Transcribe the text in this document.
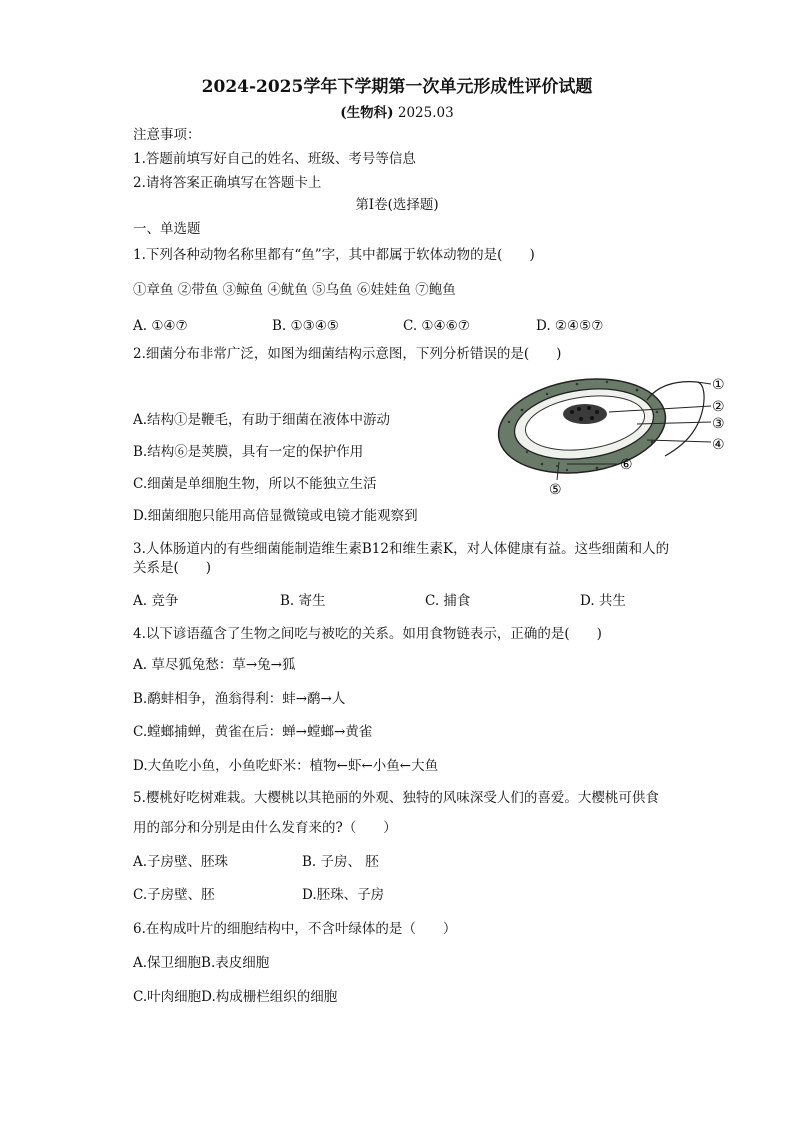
2024-2025学年下学期第一次单元形成性评价试题
(生物科) 2025.03
注意事项：
1.答题前填写好自己的姓名、班级、考号等信息
2.请将答案正确填写在答题卡上
第Ⅰ卷(选择题)
一、单选题
1.下列各种动物名称里都有“鱼”字，其中都属于软体动物的是(　　)
①章鱼 ②带鱼 ③鲸鱼 ④鱿鱼 ⑤乌鱼 ⑥娃娃鱼 ⑦鲍鱼
A. ①④⑦	B. ①③④⑤	C. ①④⑥⑦	D. ②④⑤⑦
2.细菌分布非常广泛，如图为细菌结构示意图，下列分析错误的是(　　)
A.结构①是鞭毛，有助于细菌在液体中游动
B.结构⑥是荚膜，具有一定的保护作用
C.细菌是单细胞生物，所以不能独立生活
D.细菌细胞只能用高倍显微镜或电镜才能观察到
①
②
③
④
⑤
⑥
3.人体肠道内的有些细菌能制造维生素B12和维生素K，对人体健康有益。这些细菌和人的
关系是(　　)
A. 竞争	B. 寄生	C. 捕食	D. 共生
4.以下谚语蕴含了生物之间吃与被吃的关系。如用食物链表示，正确的是(　　)
A. 草尽狐兔愁：草→兔→狐
B.鹬蚌相争，渔翁得利：蚌→鹬→人
C.螳螂捕蝉，黄雀在后：蝉→螳螂→黄雀
D.大鱼吃小鱼，小鱼吃虾米：植物←虾←小鱼←大鱼
5.樱桃好吃树难栽。大樱桃以其艳丽的外观、独特的风味深受人们的喜爱。大樱桃可供食
用的部分和分别是由什么发育来的?（　　）
A.子房壁、胚珠	B. 子房、 胚
C.子房壁、胚	D.胚珠、子房
6.在构成叶片的细胞结构中，不含叶绿体的是（　　）
A.保卫细胞B.表皮细胞
C.叶肉细胞D.构成栅栏组织的细胞
